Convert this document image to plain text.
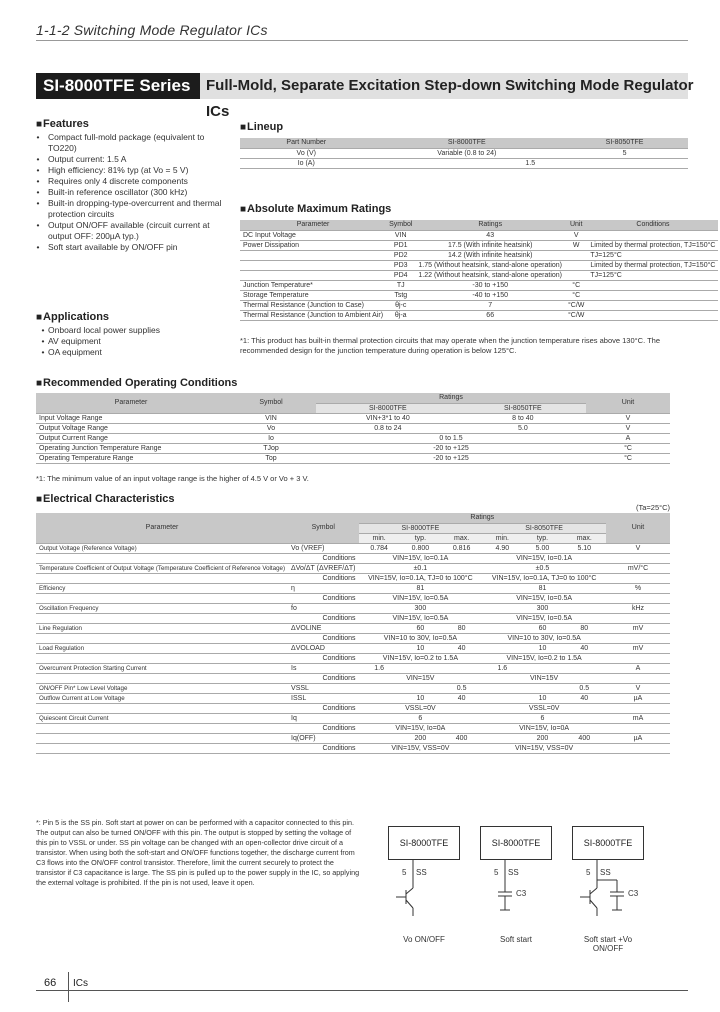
1-1-2 Switching Mode Regulator ICs
SI-8000TFE Series	Full-Mold, Separate Excitation Step-down Switching Mode Regulator ICs
■ Features
• Compact full-mold package (equivalent to TO220)
• Output current: 1.5 A
• High efficiency: 81% typ (at Vo = 5 V)
• Requires only 4 discrete components
• Built-in reference oscillator (300 kHz)
• Built-in dropping-type-overcurrent and thermal protection circuits
• Output ON/OFF available (circuit current at output OFF: 200µA typ.)
• Soft start available by ON/OFF pin
■ Applications
• Onboard local power supplies
• AV equipment
• OA equipment
■ Lineup
Part Number	SI-8000TFE	SI-8050TFE
Vo (V)	Variable (0.8 to 24)	5
Io (A)	1.5	
■ Absolute Maximum Ratings
Parameter	Symbol	Ratings	Unit	Conditions
DC Input Voltage	VIN	43	V	
Power Dissipation	PD1	17.5 (With infinite heatsink)	W	Limited by thermal protection, TJ=150°C
	PD2	14.2 (With infinite heatsink)		TJ=125°C
	PD3	1.75 (Without heatsink, stand-alone operation)		Limited by thermal protection, TJ=150°C
	PD4	1.22 (Without heatsink, stand-alone operation)		TJ=125°C
Junction Temperature*	TJ	-30 to +150	°C	
Storage Temperature	Tstg	-40 to +150	°C	
Thermal Resistance (Junction to Case)	θj-c	7	°C/W	
Thermal Resistance (Junction to Ambient Air)	θj-a	66	°C/W	
*1: This product has built-in thermal protection circuits that may operate when the junction temperature rises above 130°C. The recommended design for the junction temperature during operation is below 125°C.
■ Recommended Operating Conditions
Parameter	Symbol	Ratings		Unit
		SI-8000TFE	SI-8050TFE	
Input Voltage Range	VIN	VIN+3*1 to 40	8 to 40	V
Output Voltage Range	Vo	0.8 to 24	5.0	V
Output Current Range	Io	0 to 1.5		A
Operating Junction Temperature Range	TJop	-20 to +125		°C
Operating Temperature Range	Top	-20 to +125		°C
*1: The minimum value of an input voltage range is the higher of 4.5 V or Vo + 3 V.
■ Electrical Characteristics
(Ta=25°C)
Parameter	Symbol	Ratings						Unit
		SI-8000TFE			SI-8050TFE			
		min.	typ.	max.	min.	typ.	max.	
Output Voltage (Reference Voltage)	Vo (VREF)	0.784	0.800	0.816	4.90	5.00	5.10	V
	Conditions	VIN=15V, Io=0.1A			VIN=15V, Io=0.1A			
Temperature Coefficient of Output Voltage (Temperature Coefficient of Reference Voltage)	ΔVo/ΔT (ΔVREF/ΔT)		±0.1			±0.5		mV/°C
	Conditions	VIN=15V, Io=0.1A, TJ=0 to 100°C			VIN=15V, Io=0.1A, TJ=0 to 100°C			
Efficiency	η		81			81		%
	Conditions	VIN=15V, Io=0.5A			VIN=15V, Io=0.5A			
Oscillation Frequency	fo		300			300		kHz
	Conditions	VIN=15V, Io=0.5A			VIN=15V, Io=0.5A			
Line Regulation	ΔVOLINE		60	80		60	80	mV
	Conditions	VIN=10 to 30V, Io=0.5A			VIN=10 to 30V, Io=0.5A			
Load Regulation	ΔVOLOAD		10	40		10	40	mV
	Conditions	VIN=15V, Io=0.2 to 1.5A			VIN=15V, Io=0.2 to 1.5A			
Overcurrent Protection Starting Current	Is	1.6			1.6			A
	Conditions	VIN=15V			VIN=15V			
ON/OFF Pin* Low Level Voltage	VSSL			0.5			0.5	V
Outflow Current at Low Voltage	ISSL		10	40		10	40	µA
	Conditions	VSSL=0V			VSSL=0V			
Quiescent Circuit Current	Iq		6			6		mA
	Conditions	VIN=15V, Io=0A			VIN=15V, Io=0A			
	Iq(OFF)		200	400		200	400	µA
	Conditions	VIN=15V, VSS=0V			VIN=15V, VSS=0V			
*: Pin 5 is the SS pin. Soft start at power on can be performed with a capacitor connected to this pin. The output can also be turned ON/OFF with this pin. The output is stopped by setting the voltage of this pin to VSSL or under. SS pin voltage can be changed with an open-collector drive circuit of a transistor. When using both the soft-start and ON/OFF functions together, the discharge current from C3 flows into the ON/OFF control transistor. Therefore, limit the current securely to protect the transistor if C3 capacitance is large. The SS pin is pulled up to the power supply in the IC, so applying the external voltage is prohibited. If the pin is not used, leave it open.
SI-8000TFE
5 SS
Vo ON/OFF
SI-8000TFE
5 SS
C3
Soft start
SI-8000TFE
5 SS
C3
Soft start +Vo ON/OFF
66 ICs
